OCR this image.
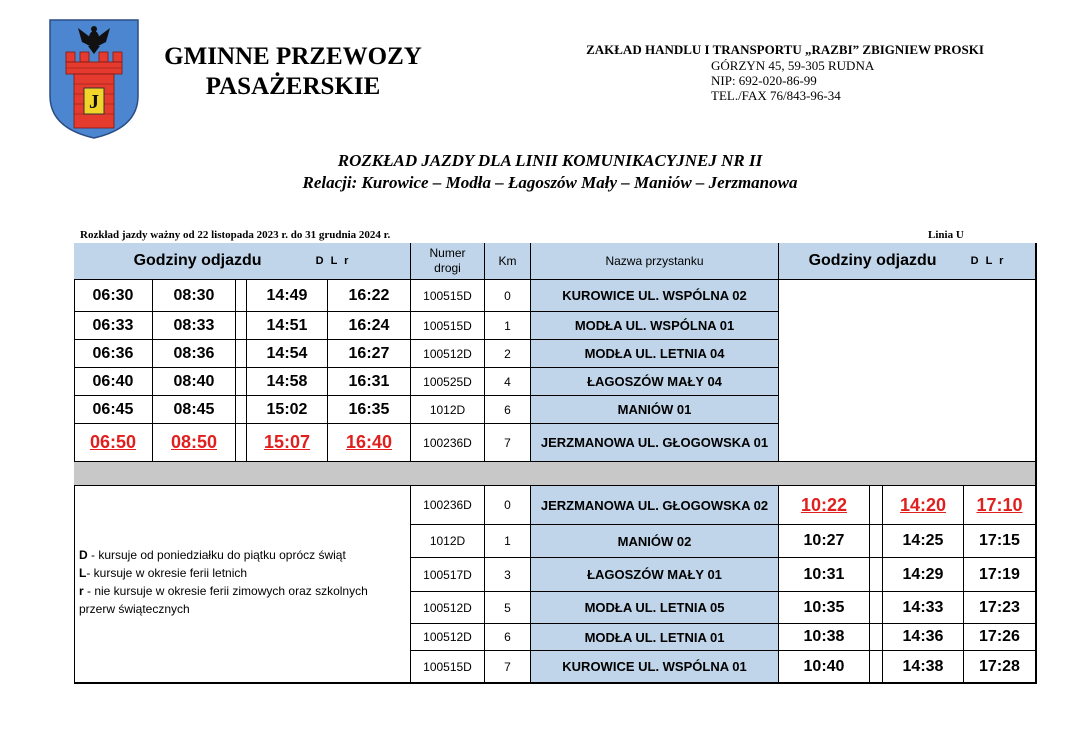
J
GMINNE PRZEWOZY
PASAŻERSKIE
ZAKŁAD HANDLU I TRANSPORTU „RAZBI” ZBIGNIEW PROSKI
GÓRZYN 45, 59-305 RUDNA
NIP: 692-020-86-99
TEL./FAX 76/843-96-34
ROZKŁAD JAZDY DLA LINII KOMUNIKACYJNEJ NR II
Relacji: Kurowice – Modła – Łagoszów Mały – Maniów – Jerzmanowa
Rozkład jazdy ważny od 22 listopada 2023 r. do 31 grudnia 2024 r.	Linia U
Godziny odjazdu	D L r
Numer drogi	Km	Nazwa przystanku	Godziny odjazdu	D L r
06:30	08:30	14:49	16:22	100515D	0	KUROWICE UL. WSPÓLNA 02
06:33	08:33	14:51	16:24	100515D	1	MODŁA UL. WSPÓLNA 01
06:36	08:36	14:54	16:27	100512D	2	MODŁA UL. LETNIA 04
06:40	08:40	14:58	16:31	100525D	4	ŁAGOSZÓW MAŁY 04
06:45	08:45	15:02	16:35	1012D	6	MANIÓW 01
06:50	08:50	15:07	16:40	100236D	7	JERZMANOWA UL. GŁOGOWSKA 01
D - kursuje od poniedziałku do piątku oprócz świąt
L- kursuje w okresie ferii letnich
r - nie kursuje w okresie ferii zimowych oraz szkolnych przerw świątecznych
100236D	0	JERZMANOWA UL. GŁOGOWSKA 02	10:22	14:20	17:10
1012D	1	MANIÓW 02	10:27	14:25	17:15
100517D	3	ŁAGOSZÓW MAŁY 01	10:31	14:29	17:19
100512D	5	MODŁA UL. LETNIA 05	10:35	14:33	17:23
100512D	6	MODŁA UL. LETNIA 01	10:38	14:36	17:26
100515D	7	KUROWICE UL. WSPÓLNA 01	10:40	14:38	17:28
